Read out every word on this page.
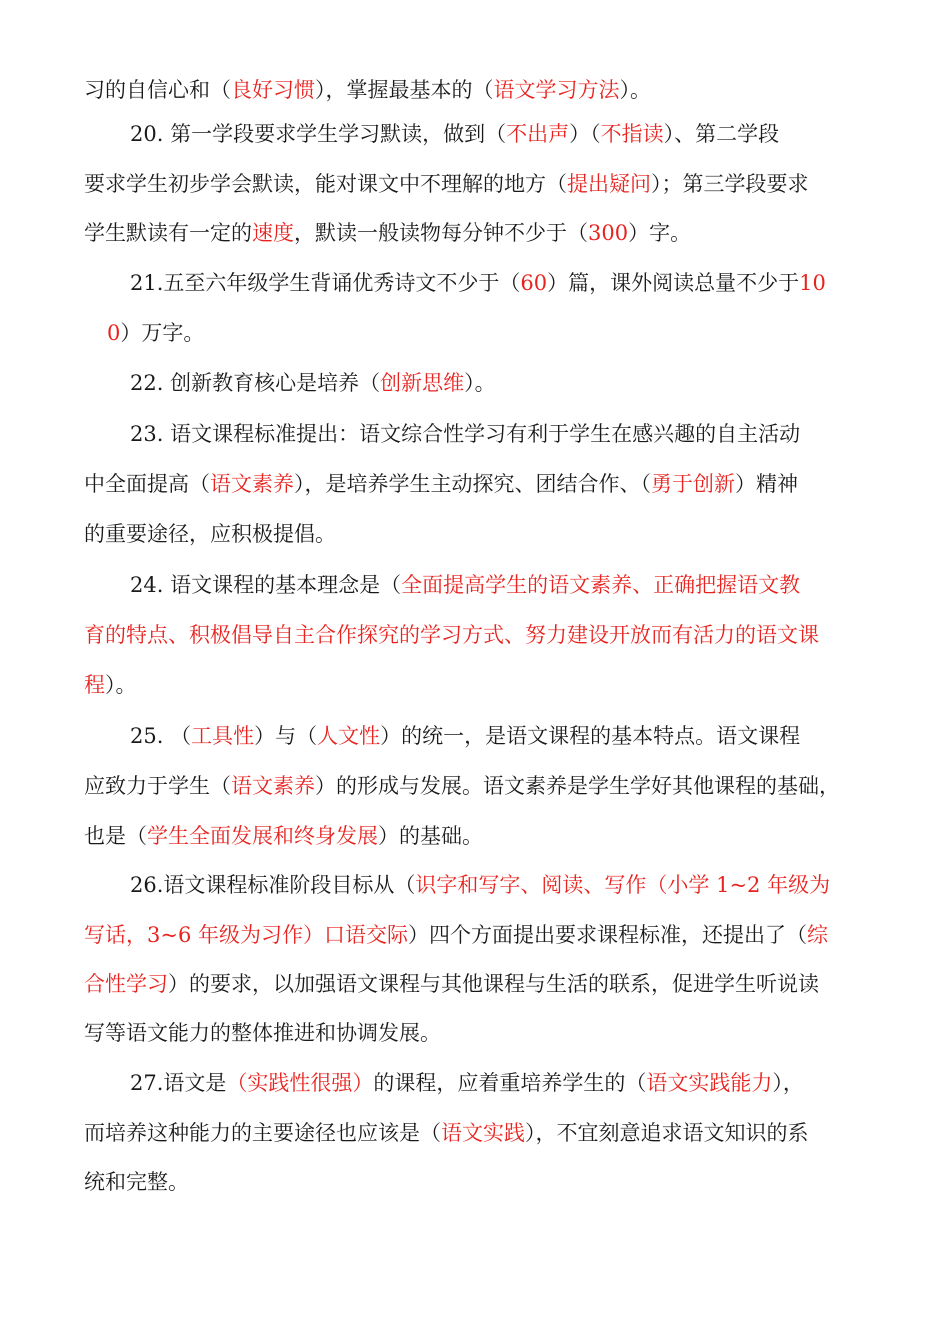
习的自信心和（良好习惯），掌握最基本的（语文学习方法）。
20. 第一学段要求学生学习默读，做到（不出声）（不指读）、第二学段
要求学生初步学会默读，能对课文中不理解的地方（提出疑问）；第三学段要求
学生默读有一定的速度，默读一般读物每分钟不少于（300）字。
21.五至六年级学生背诵优秀诗文不少于（60）篇，课外阅读总量不少于10
0）万字。
22. 创新教育核心是培养（创新思维）。
23. 语文课程标准提出：语文综合性学习有利于学生在感兴趣的自主活动
中全面提高（语文素养），是培养学生主动探究、团结合作、（勇于创新）精神
的重要途径，应积极提倡。
24. 语文课程的基本理念是（全面提高学生的语文素养、正确把握语文教
育的特点、积极倡导自主合作探究的学习方式、努力建设开放而有活力的语文课
程）。
25. （工具性）与（人文性）的统一，是语文课程的基本特点。语文课程
应致力于学生（语文素养）的形成与发展。语文素养是学生学好其他课程的基础，
也是（学生全面发展和终身发展）的基础。
26.语文课程标准阶段目标从（识字和写字、阅读、写作（小学 1~2 年级为
写话，3~6 年级为习作）口语交际）四个方面提出要求课程标准，还提出了（综
合性学习）的要求，以加强语文课程与其他课程与生活的联系，促进学生听说读
写等语文能力的整体推进和协调发展。
27.语文是（实践性很强）的课程，应着重培养学生的（语文实践能力），
而培养这种能力的主要途径也应该是（语文实践），不宜刻意追求语文知识的系
统和完整。
